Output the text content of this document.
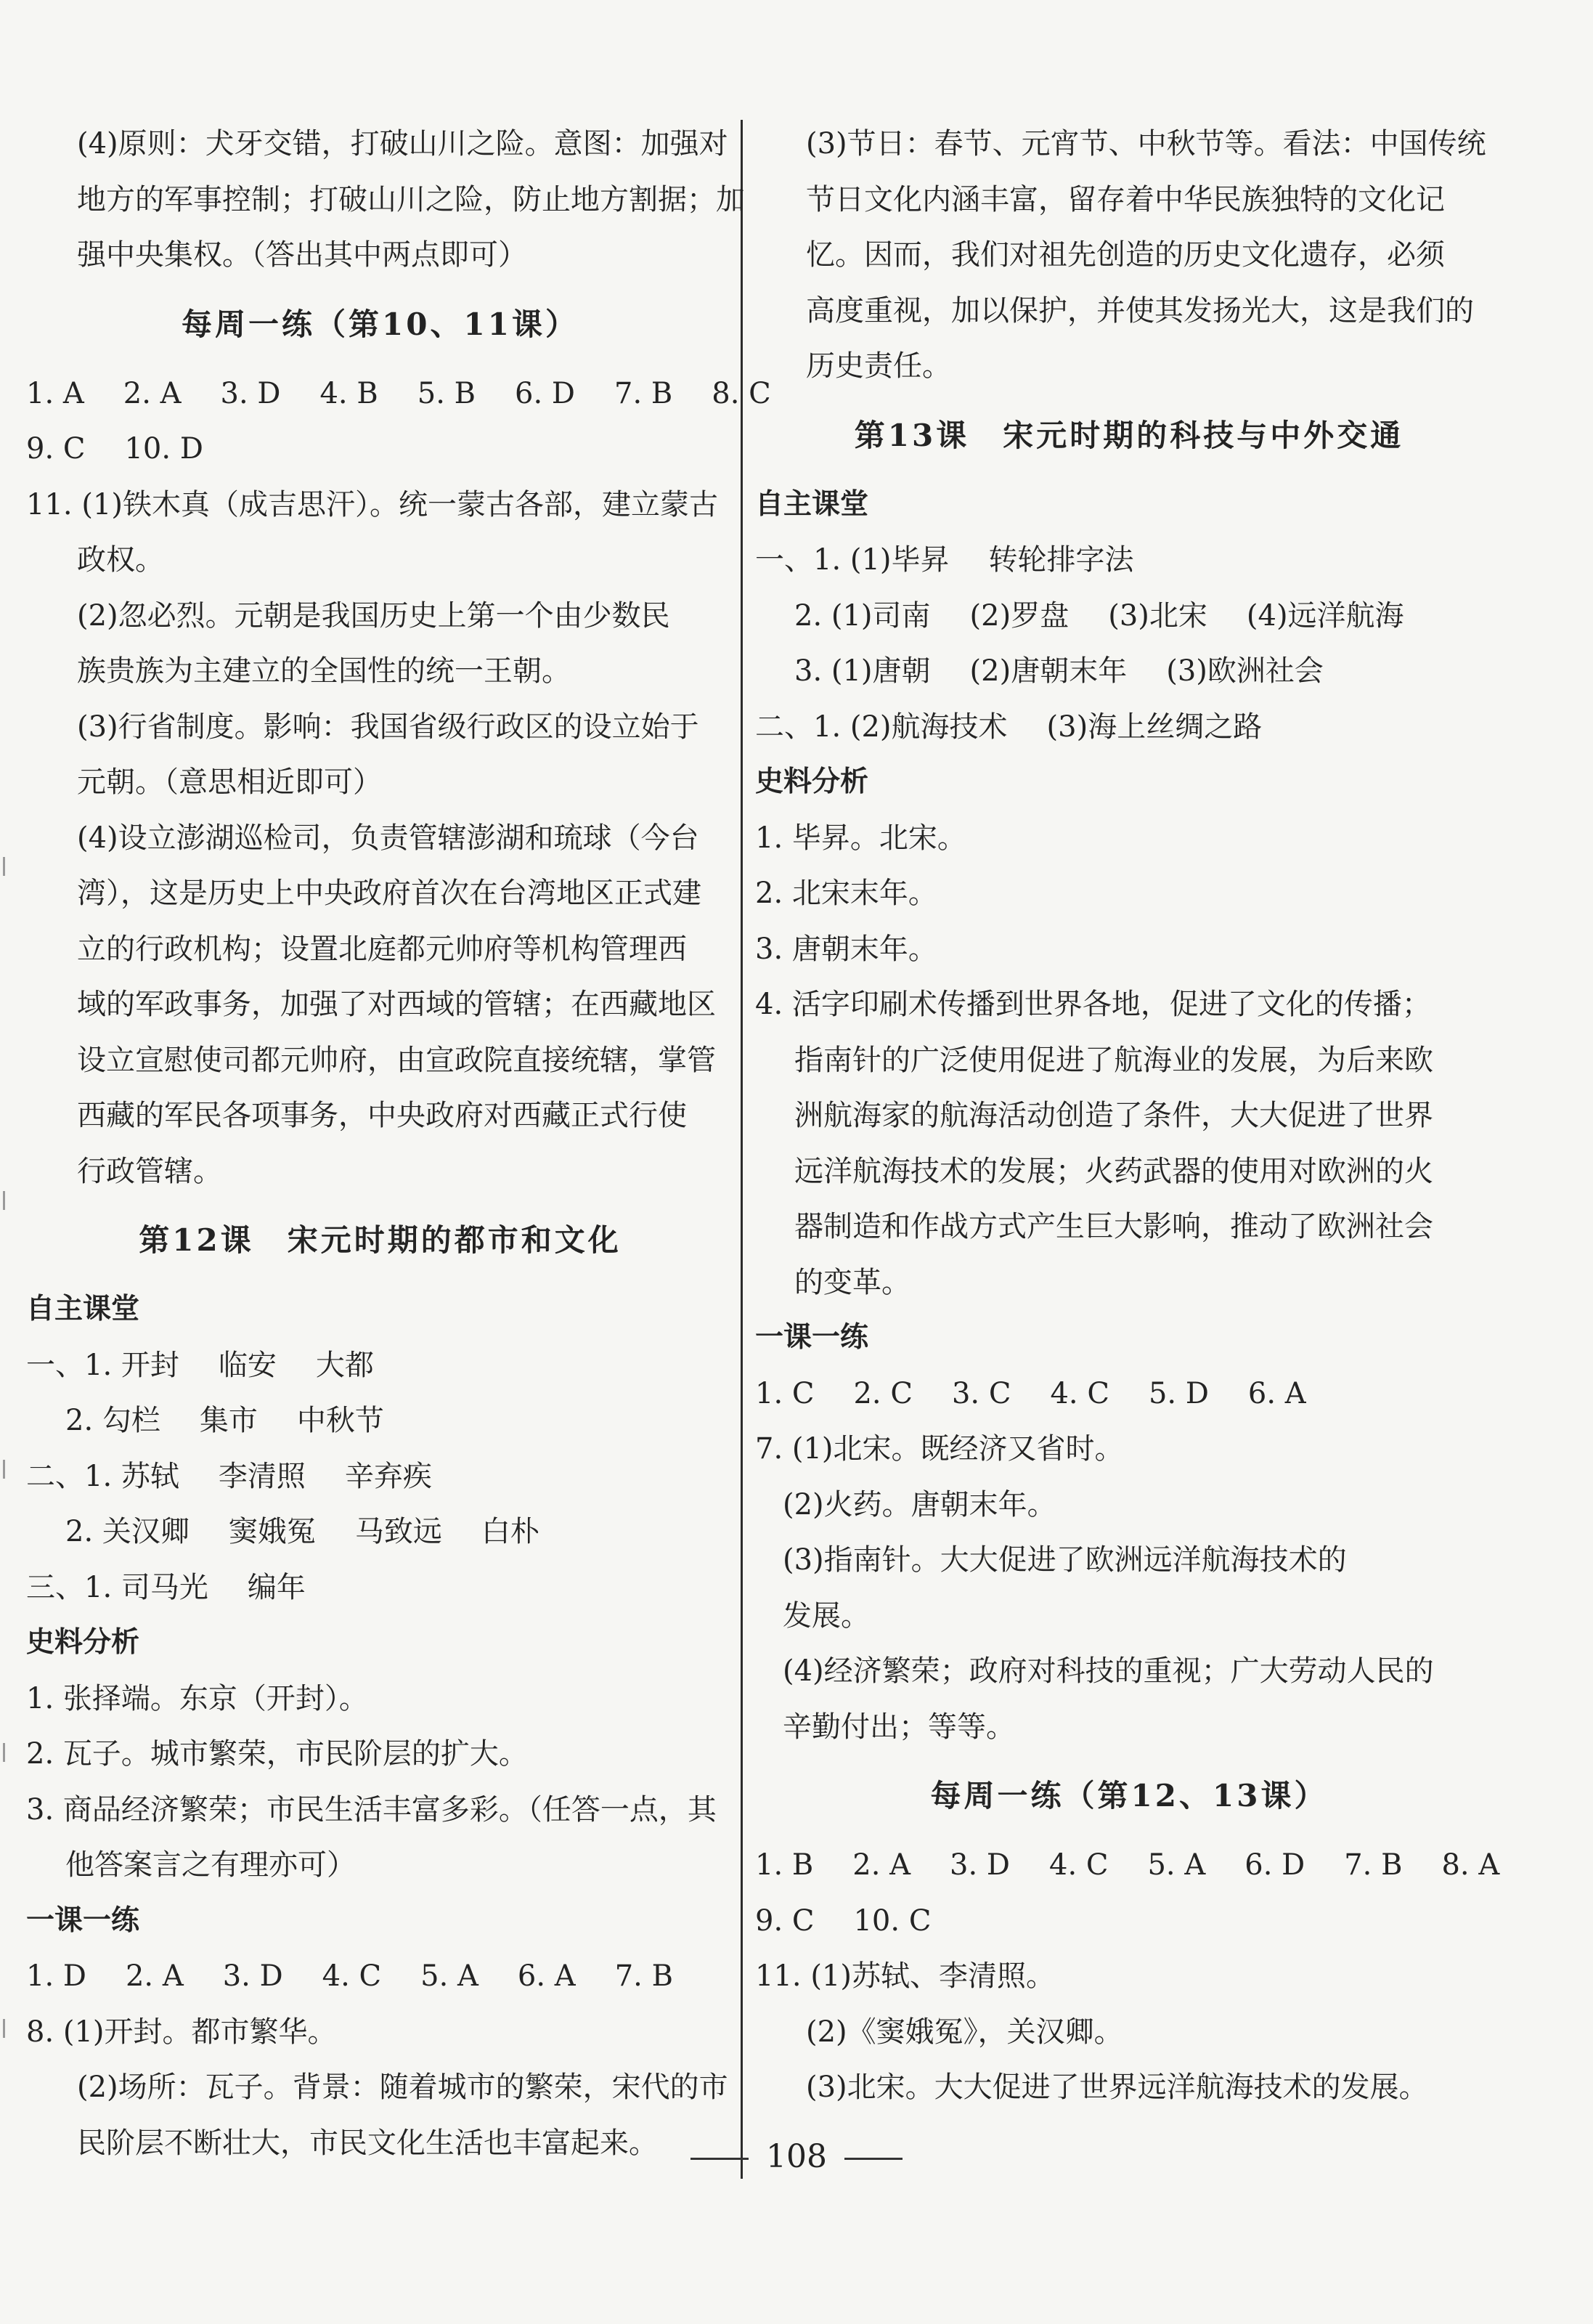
(4)原则：犬牙交错，打破山川之险。意图：加强对
地方的军事控制；打破山川之险，防止地方割据；加
强中央集权。（答出其中两点即可）
每周一练（第10、11课）
1. A 2. A 3. D 4. B 5. B 6. D 7. B 8. C
9. C 10. D
11. (1)铁木真（成吉思汗）。统一蒙古各部，建立蒙古
政权。
(2)忽必烈。元朝是我国历史上第一个由少数民
族贵族为主建立的全国性的统一王朝。
(3)行省制度。影响：我国省级行政区的设立始于
元朝。（意思相近即可）
(4)设立澎湖巡检司，负责管辖澎湖和琉球（今台
湾），这是历史上中央政府首次在台湾地区正式建
立的行政机构；设置北庭都元帅府等机构管理西
域的军政事务，加强了对西域的管辖；在西藏地区
设立宣慰使司都元帅府，由宣政院直接统辖，掌管
西藏的军民各项事务，中央政府对西藏正式行使
行政管辖。
第12课　宋元时期的都市和文化
自主课堂
一、1. 开封 临安 大都
2. 勾栏 集市 中秋节
二、1. 苏轼 李清照 辛弃疾
2. 关汉卿 窦娥冤 马致远 白朴
三、1. 司马光 编年
史料分析
1. 张择端。东京（开封）。
2. 瓦子。城市繁荣，市民阶层的扩大。
3. 商品经济繁荣；市民生活丰富多彩。（任答一点，其
他答案言之有理亦可）
一课一练
1. D 2. A 3. D 4. C 5. A 6. A 7. B
8. (1)开封。都市繁华。
(2)场所：瓦子。背景：随着城市的繁荣，宋代的市
民阶层不断壮大，市民文化生活也丰富起来。
(3)节日：春节、元宵节、中秋节等。看法：中国传统
节日文化内涵丰富，留存着中华民族独特的文化记
忆。因而，我们对祖先创造的历史文化遗存，必须
高度重视，加以保护，并使其发扬光大，这是我们的
历史责任。
第13课　宋元时期的科技与中外交通
自主课堂
一、1. (1)毕昇 转轮排字法
2. (1)司南 (2)罗盘 (3)北宋 (4)远洋航海
3. (1)唐朝 (2)唐朝末年 (3)欧洲社会
二、1. (2)航海技术 (3)海上丝绸之路
史料分析
1. 毕昇。北宋。
2. 北宋末年。
3. 唐朝末年。
4. 活字印刷术传播到世界各地，促进了文化的传播；
指南针的广泛使用促进了航海业的发展，为后来欧
洲航海家的航海活动创造了条件，大大促进了世界
远洋航海技术的发展；火药武器的使用对欧洲的火
器制造和作战方式产生巨大影响，推动了欧洲社会
的变革。
一课一练
1. C 2. C 3. C 4. C 5. D 6. A
7. (1)北宋。既经济又省时。
(2)火药。唐朝末年。
(3)指南针。大大促进了欧洲远洋航海技术的
发展。
(4)经济繁荣；政府对科技的重视；广大劳动人民的
辛勤付出；等等。
每周一练（第12、13课）
1. B 2. A 3. D 4. C 5. A 6. D 7. B 8. A
9. C 10. C
11. (1)苏轼、李清照。
(2)《窦娥冤》，关汉卿。
(3)北宋。大大促进了世界远洋航海技术的发展。
108
